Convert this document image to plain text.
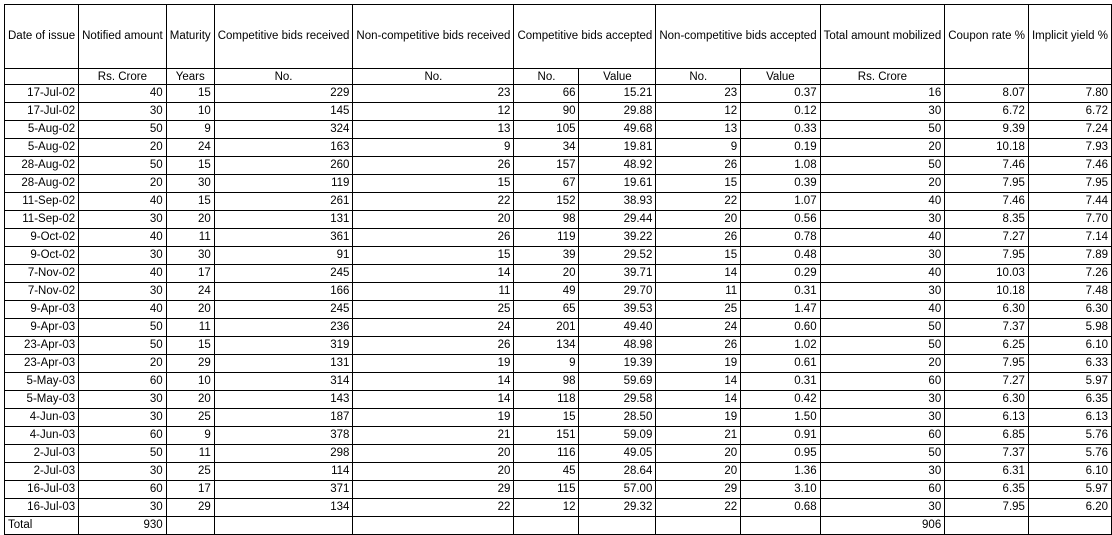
Date of issue	Notified amount	Maturity	Competitive bids received	Non-competitive bids received	Competitive bids accepted		Non-competitive bids accepted		Total amount mobilized	Coupon rate %	Implicit yield %
	Rs. Crore	Years	No.	No.	No.	Value	No.	Value	Rs. Crore		
17-Jul-02	40	15	229	23	66	15.21	23	0.37	16	8.07	7.80
17-Jul-02	30	10	145	12	90	29.88	12	0.12	30	6.72	6.72
5-Aug-02	50	9	324	13	105	49.68	13	0.33	50	9.39	7.24
5-Aug-02	20	24	163	9	34	19.81	9	0.19	20	10.18	7.93
28-Aug-02	50	15	260	26	157	48.92	26	1.08	50	7.46	7.46
28-Aug-02	20	30	119	15	67	19.61	15	0.39	20	7.95	7.95
11-Sep-02	40	15	261	22	152	38.93	22	1.07	40	7.46	7.44
11-Sep-02	30	20	131	20	98	29.44	20	0.56	30	8.35	7.70
9-Oct-02	40	11	361	26	119	39.22	26	0.78	40	7.27	7.14
9-Oct-02	30	30	91	15	39	29.52	15	0.48	30	7.95	7.89
7-Nov-02	40	17	245	14	20	39.71	14	0.29	40	10.03	7.26
7-Nov-02	30	24	166	11	49	29.70	11	0.31	30	10.18	7.48
9-Apr-03	40	20	245	25	65	39.53	25	1.47	40	6.30	6.30
9-Apr-03	50	11	236	24	201	49.40	24	0.60	50	7.37	5.98
23-Apr-03	50	15	319	26	134	48.98	26	1.02	50	6.25	6.10
23-Apr-03	20	29	131	19	9	19.39	19	0.61	20	7.95	6.33
5-May-03	60	10	314	14	98	59.69	14	0.31	60	7.27	5.97
5-May-03	30	20	143	14	118	29.58	14	0.42	30	6.30	6.35
4-Jun-03	30	25	187	19	15	28.50	19	1.50	30	6.13	6.13
4-Jun-03	60	9	378	21	151	59.09	21	0.91	60	6.85	5.76
2-Jul-03	50	11	298	20	116	49.05	20	0.95	50	7.37	5.76
2-Jul-03	30	25	114	20	45	28.64	20	1.36	30	6.31	6.10
16-Jul-03	60	17	371	29	115	57.00	29	3.10	60	6.35	5.97
16-Jul-03	30	29	134	22	12	29.32	22	0.68	30	7.95	6.20
Total	930								906		
